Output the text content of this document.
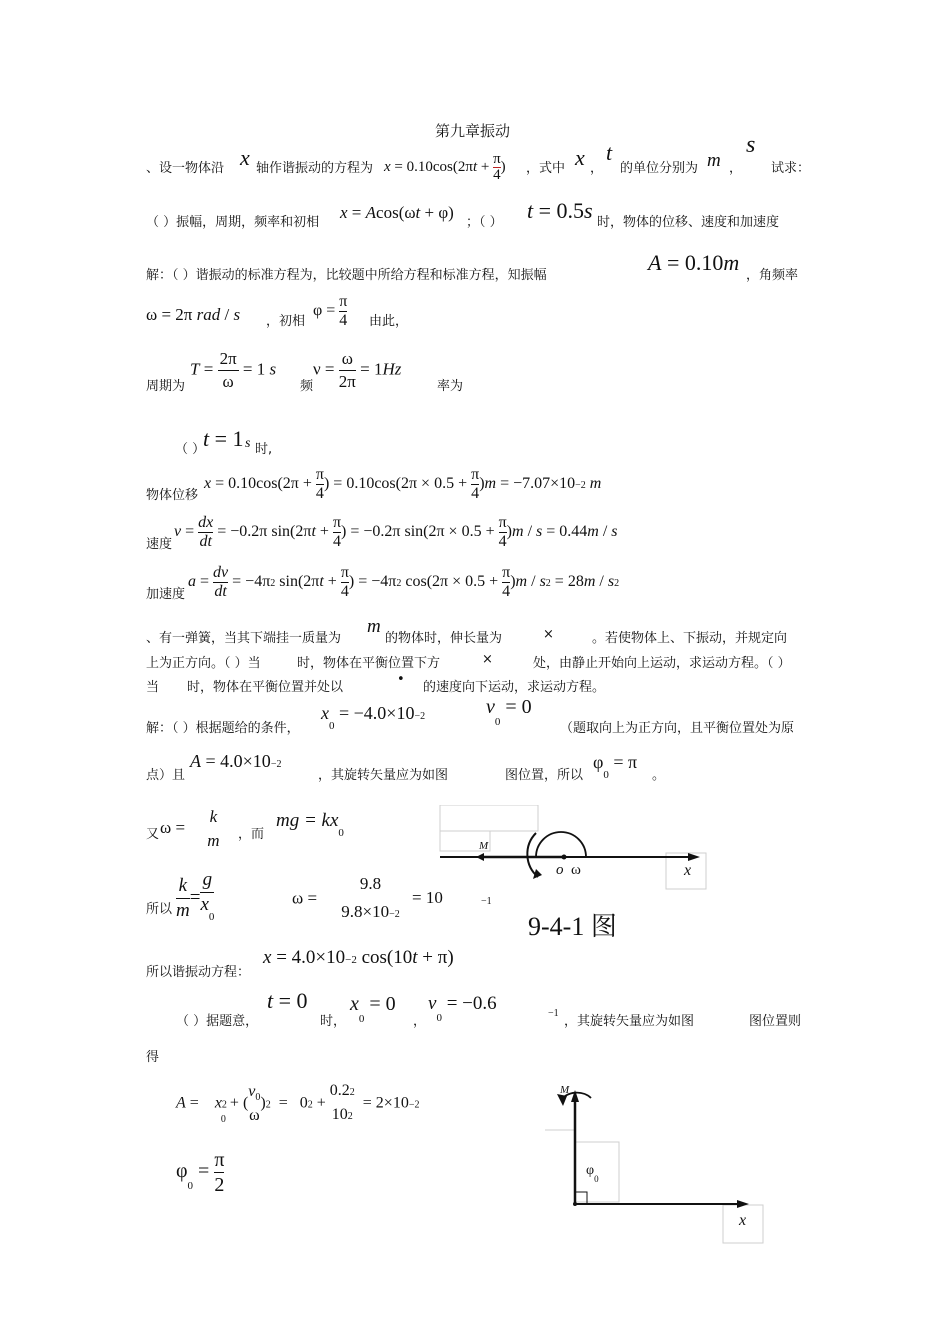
第九章振动
、设一物体沿 x 轴作谐振动的方程为 $x = 0.10\cos(2\pi t + \frac{\pi}{4}$ ) ，式中 x ，
t
的单位分别为 m ，
s
试求：
（ ）振幅，周期，频率和初相
x = Acos(ωt + φ)
；（ ） t = 0.5s 时，物体的位移、速度和加速度
解：（ ）谐振动的标准方程为，比较题中所给方程和标准方程，知振幅
A = 0.10m
，角频率
ω = 2π rad / s ，初相
$\varphi = \frac{\pi}{4}$ 由此，
周期为
$T = \frac{2\pi}{\omega} = 1$ s
频
$\nu = \frac{\omega}{2\pi} = 1Hz$
率为
（ ）
t = 1 s 时,
物体位移
$x = 0.10\cos(2\pi + \frac{\pi}{4}$ ) = $0.10\cos(2\pi \times 0.5 + \frac{\pi}{4} )m = -7.07\times 10-2$ m
速度
$v = \frac{dx}{dt} = -0.2\pi$ $\sin(2\pi t + \frac{\pi}{4}$ ) = −0.2π $\sin(2\pi \times 0.5 + \frac{\pi}{4} )m / s = 0.44m / s$
加速度
$a = \frac{dv}{dt} = -4\pi 2$ $\sin(2\pi t + \frac{\pi}{4}$ ) = −4π2 $\cos(2\pi \times 0.5 + \frac{\pi}{4} )m / s2 = 28m / s2$
、有一弹簧，当其下端挂一质量为
m
的物体时，伸长量为	×	。若使物体上、下振动，并规定向
上为正方向。（ ）当	时，物体在平衡位置下方	×	处，由静止开始向上运动，求运动方程。（ ）
当 时，物体在平衡位置并处以
•
的速度向下运动，求运动方程。
解：（ ）根据题给的条件，
$x_0 = -4.0\times 10-2$	$v_0 = 0$
（题取向上为正方向，且平衡位置处为原
点）且
A = 4.0×10−2
，其旋转矢量应为如图	图位置，所以
$\varphi_0 = \pi$
。
又 ω =
k
m ，而
mg = $kx_0$
所以 $\frac{k}{m} = \frac{g}{x_0}$	ω =
9.8
9.8×10−2
= 10	−1
所以谐振动方程：
x = 4.0×10−2 cos(10t + π)
M
o ω	x
9-4-1 图
（ ）据题意，
t = 0
时，
$x_0 = 0$
，
$v_0 = -0.6$	−1
，其旋转矢量应为如图	图位置则
得
A =    $x2_0$ + (
$v_0$
ω
)2  =   02 +
0.22
102
= 2×10−2
$\varphi_0 = \frac{\pi}{2}$
M
$\varphi_0$
x
